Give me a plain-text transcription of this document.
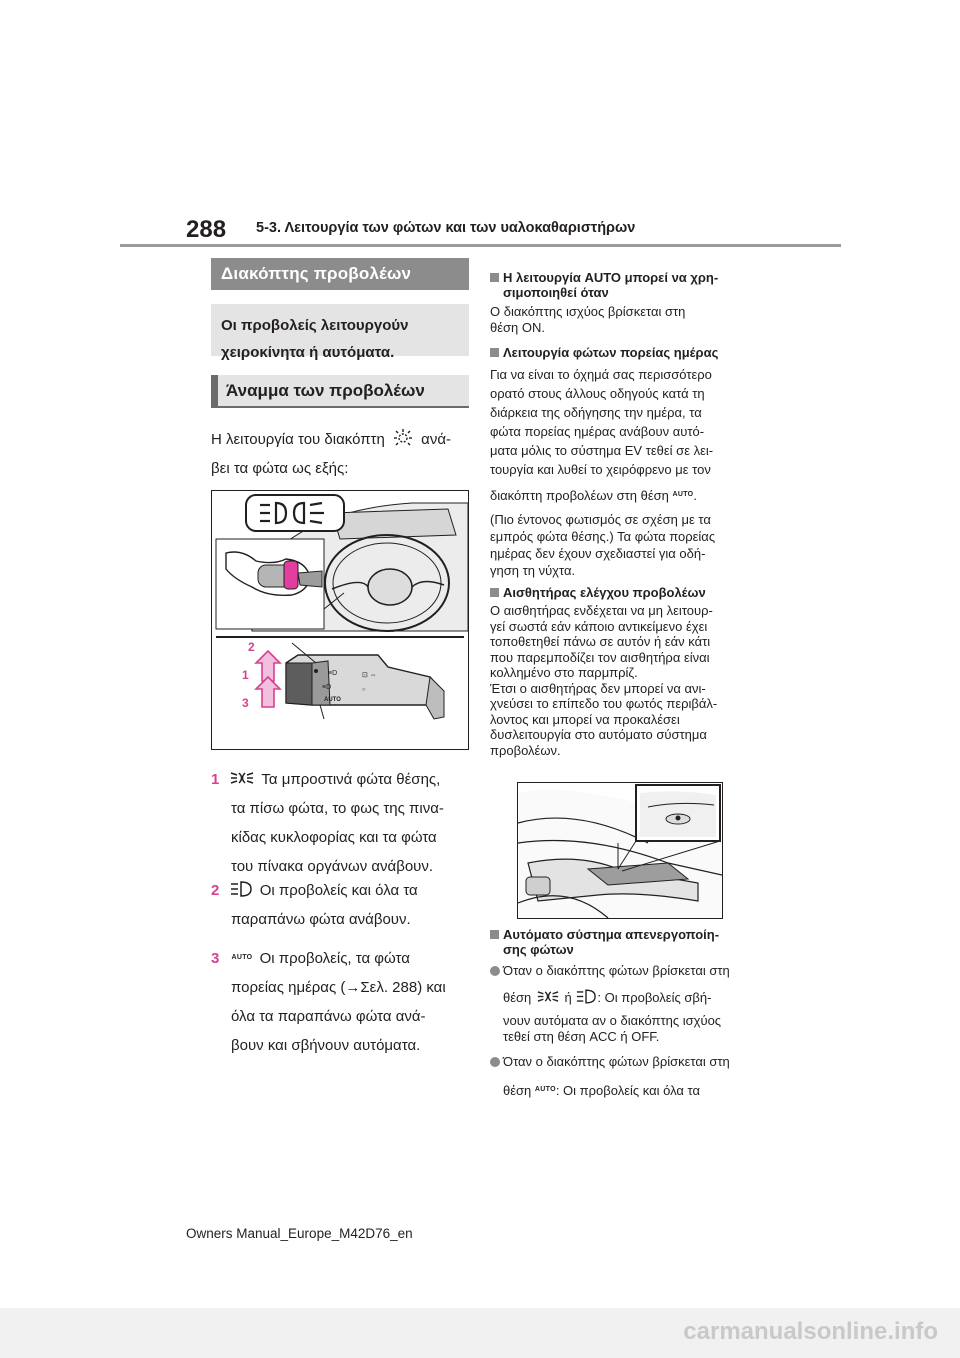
288 5-3. Λειτουργία των φώτων και των υαλοκαθαριστήρων
Διακόπτης προβολέων
Οι προβολείς λειτουργούν χειροκίνητα ή αυτόματα.
Άναμμα των προβολέων
Η λειτουργία του διακόπτη ανά-
βει τα φώτα ως εξής:
≡D
≡D
⊡ ⇔
○
AUTO
2
1
3
1	Τα μπροστινά φώτα θέσης,
τα πίσω φώτα, το φως της πινα-
κίδας κυκλοφορίας και τα φώτα
του πίνακα οργάνων ανάβουν.
2	Οι προβολείς και όλα τα
παραπάνω φώτα ανάβουν.
3 $^{AUTO}$ Οι προβολείς, τα φώτα
πορείας ημέρας (→Σελ. 288) και
όλα τα παραπάνω φώτα ανά-
βουν και σβήνουν αυτόματα.
Η λειτουργία AUTO μπορεί να χρη-
σιμοποιηθεί όταν
Ο διακόπτης ισχύος βρίσκεται στη
θέση ON.
Λειτουργία φώτων πορείας ημέρας
Για να είναι το όχημά σας περισσότερο
ορατό στους άλλους οδηγούς κατά τη
διάρκεια της οδήγησης την ημέρα, τα
φώτα πορείας ημέρας ανάβουν αυτό-
ματα μόλις το σύστημα EV τεθεί σε λει-
τουργία και λυθεί το χειρόφρενο με τον
διακόπτη προβολέων στη θέση $^{AUTO}$.
(Πιο έντονος φωτισμός σε σχέση με τα
εμπρός φώτα θέσης.) Τα φώτα πορείας
ημέρας δεν έχουν σχεδιαστεί για οδή-
γηση τη νύχτα.
Αισθητήρας ελέγχου προβολέων
Ο αισθητήρας ενδέχεται να μη λειτουρ-
γεί σωστά εάν κάποιο αντικείμενο έχει
τοποθετηθεί πάνω σε αυτόν ή εάν κάτι
που παρεμποδίζει τον αισθητήρα είναι
κολλημένο στο παρμπρίζ.
Έτσι ο αισθητήρας δεν μπορεί να ανι-
χνεύσει το επίπεδο του φωτός περιβάλ-
λοντος και μπορεί να προκαλέσει
δυσλειτουργία στο αυτόματο σύστημα
προβολέων.
Αυτόματο σύστημα απενεργοποίη-
σης φώτων
Όταν ο διακόπτης φώτων βρίσκεται στη
θέση	ή : Οι προβολείς σβή-
νουν αυτόματα αν ο διακόπτης ισχύος
τεθεί στη θέση ACC ή OFF.
Όταν ο διακόπτης φώτων βρίσκεται στη
θέση $^{AUTO}$: Οι προβολείς και όλα τα
Owners Manual_Europe_M42D76_en
carmanualsonline.info
